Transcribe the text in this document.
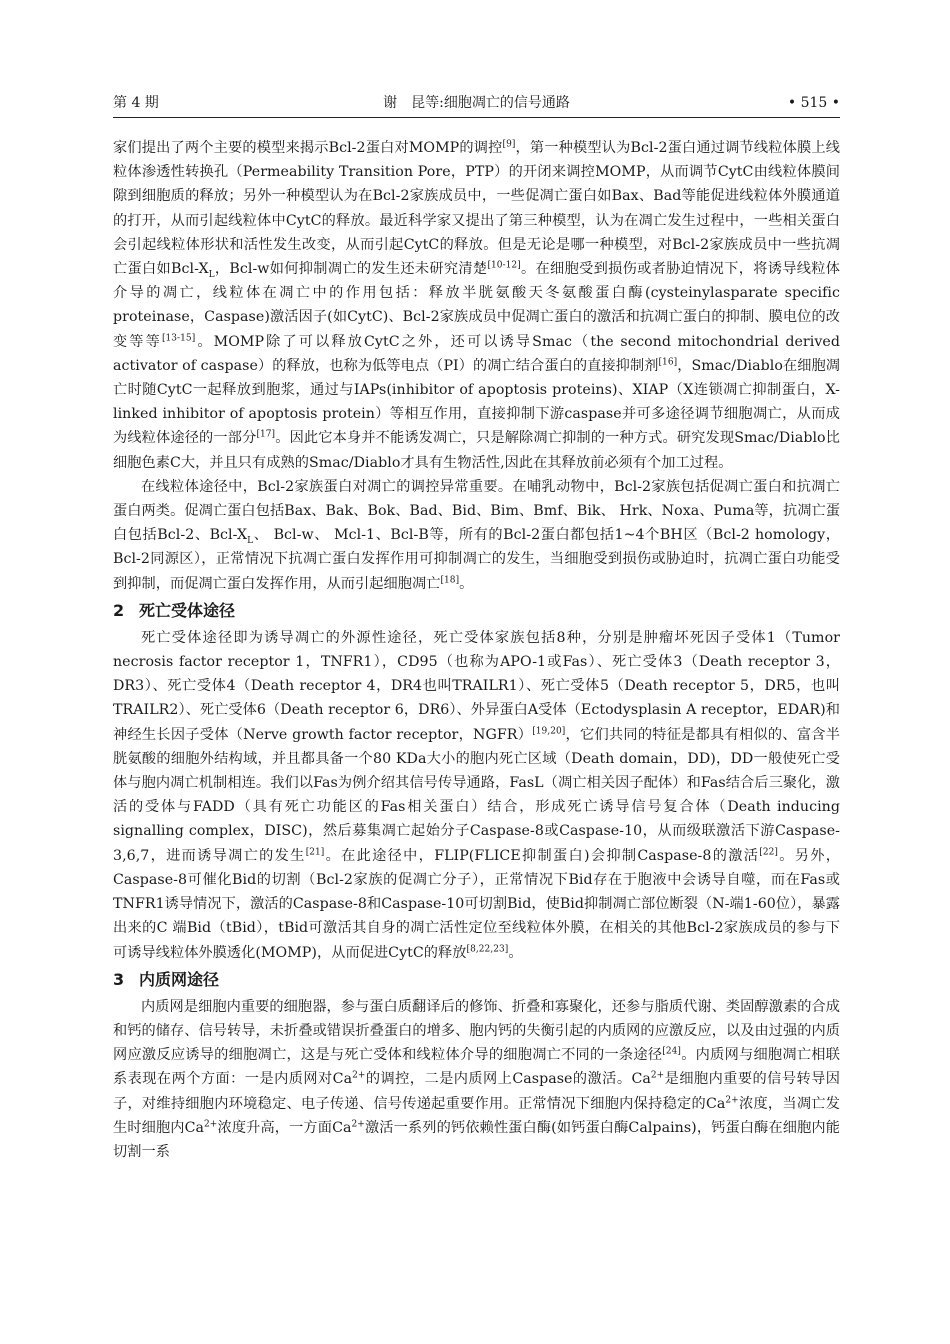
第 4 期	谢　昆等:细胞凋亡的信号通路	• 515 •

家们提出了两个主要的模型来揭示Bcl-2蛋白对MOMP的调控[9]，第一种模型认为Bcl-2蛋白通过调节线粒体膜上线粒体渗透性转换孔（Permeability Transition Pore，PTP）的开闭来调控MOMP，从而调节CytC由线粒体膜间隙到细胞质的释放；另外一种模型认为在Bcl-2家族成员中，一些促凋亡蛋白如Bax、Bad等能促进线粒体外膜通道的打开，从而引起线粒体中CytC的释放。最近科学家又提出了第三种模型，认为在凋亡发生过程中，一些相关蛋白会引起线粒体形状和活性发生改变，从而引起CytC的释放。但是无论是哪一种模型，对Bcl-2家族成员中一些抗凋亡蛋白如Bcl-$X_L$，Bcl-w如何抑制凋亡的发生还未研究清楚[10-12]。在细胞受到损伤或者胁迫情况下，将诱导线粒体介导的凋亡，线粒体在凋亡中的作用包括：释放半胱氨酸天冬氨酸蛋白酶(cysteinylasparate specific proteinase，Caspase)激活因子(如CytC)、Bcl-2家族成员中促凋亡蛋白的激活和抗凋亡蛋白的抑制、膜电位的改变等等[13-15]。MOMP除了可以释放CytC之外，还可以诱导Smac（the second mitochondrial derived activator of caspase）的释放，也称为低等电点（PI）的凋亡结合蛋白的直接抑制剂[16]，Smac/Diablo在细胞凋亡时随CytC一起释放到胞浆，通过与IAPs(inhibitor of apoptosis proteins)、XIAP（X连锁凋亡抑制蛋白，X-linked inhibitor of apoptosis protein）等相互作用，直接抑制下游caspase并可多途径调节细胞凋亡，从而成为线粒体途径的一部分[17]。因此它本身并不能诱发凋亡，只是解除凋亡抑制的一种方式。研究发现Smac/Diablo比细胞色素C大，并且只有成熟的Smac/Diablo才具有生物活性,因此在其释放前必须有个加工过程。

在线粒体途径中，Bcl-2家族蛋白对凋亡的调控异常重要。在哺乳动物中，Bcl-2家族包括促凋亡蛋白和抗凋亡蛋白两类。促凋亡蛋白包括Bax、Bak、Bok、Bad、Bid、Bim、Bmf、Bik、 Hrk、Noxa、Puma等，抗凋亡蛋白包括Bcl-2、Bcl-$X_L$、 Bcl-w、 Mcl-1、Bcl-B等，所有的Bcl-2蛋白都包括1~4个BH区（Bcl-2 homology，Bcl-2同源区），正常情况下抗凋亡蛋白发挥作用可抑制凋亡的发生，当细胞受到损伤或胁迫时，抗凋亡蛋白功能受到抑制，而促凋亡蛋白发挥作用，从而引起细胞凋亡[18]。

2 死亡受体途径

死亡受体途径即为诱导凋亡的外源性途径，死亡受体家族包括8种，分别是肿瘤坏死因子受体1（Tumor necrosis factor receptor 1，TNFR1），CD95（也称为APO-1或Fas）、死亡受体3（Death receptor 3，DR3）、死亡受体4（Death receptor 4，DR4也叫TRAILR1）、死亡受体5（Death receptor 5，DR5，也叫TRAILR2）、死亡受体6（Death receptor 6，DR6）、外异蛋白A受体（Ectodysplasin A receptor，EDAR)和神经生长因子受体（Nerve growth factor receptor，NGFR）[19,20]，它们共同的特征是都具有相似的、富含半胱氨酸的细胞外结构域，并且都具备一个80 KDa大小的胞内死亡区域（Death domain，DD)，DD一般使死亡受体与胞内凋亡机制相连。我们以Fas为例介绍其信号传导通路，FasL（凋亡相关因子配体）和Fas结合后三聚化，激活的受体与FADD（具有死亡功能区的Fas相关蛋白）结合，形成死亡诱导信号复合体（Death inducing signalling complex，DISC)，然后募集凋亡起始分子Caspase-8或Caspase-10，从而级联激活下游Caspase-3,6,7，进而诱导凋亡的发生[21]。在此途径中，FLIP(FLICE抑制蛋白)会抑制Caspase-8的激活[22]。另外，Caspase-8可催化Bid的切割（Bcl-2家族的促凋亡分子），正常情况下Bid存在于胞液中会诱导自噬，而在Fas或TNFR1诱导情况下，激活的Caspase-8和Caspase-10可切割Bid，使Bid抑制凋亡部位断裂（N-端1-60位），暴露出来的C 端Bid（tBid），tBid可激活其自身的凋亡活性定位至线粒体外膜，在相关的其他Bcl-2家族成员的参与下可诱导线粒体外膜透化(MOMP)，从而促进CytC的释放[8,22,23]。

3 内质网途径

内质网是细胞内重要的细胞器，参与蛋白质翻译后的修饰、折叠和寡聚化，还参与脂质代谢、类固醇激素的合成和钙的储存、信号转导，未折叠或错误折叠蛋白的增多、胞内钙的失衡引起的内质网的应激反应，以及由过强的内质网应激反应诱导的细胞凋亡，这是与死亡受体和线粒体介导的细胞凋亡不同的一条途径[24]。内质网与细胞凋亡相联系表现在两个方面：一是内质网对$Ca^{2+}$的调控，二是内质网上Caspase的激活。$Ca^{2+}$是细胞内重要的信号转导因子，对维持细胞内环境稳定、电子传递、信号传递起重要作用。正常情况下细胞内保持稳定的$Ca^{2+}$浓度，当凋亡发生时细胞内$Ca^{2+}$浓度升高，一方面$Ca^{2+}$激活一系列的钙依赖性蛋白酶(如钙蛋白酶Calpains)，钙蛋白酶在细胞内能切割一系
